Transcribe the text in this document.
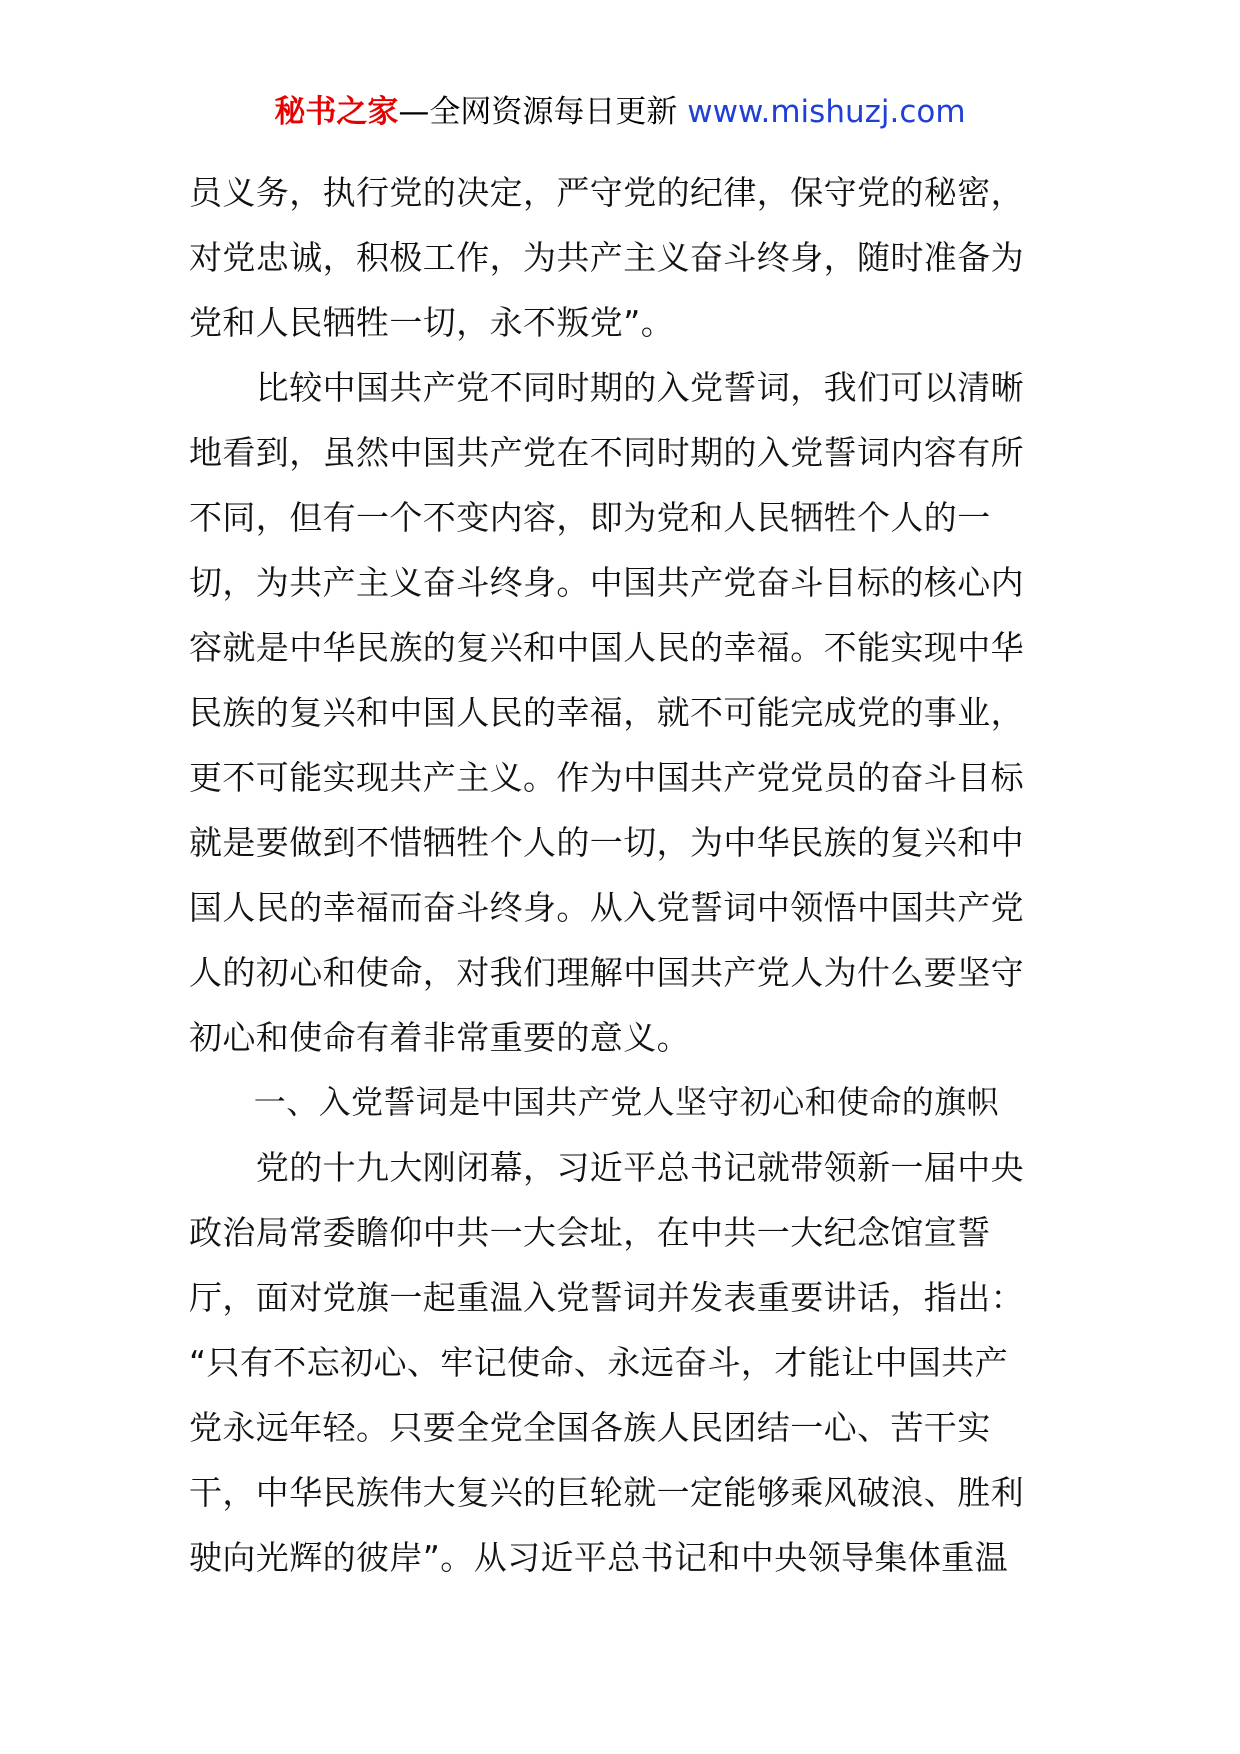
秘书之家—全网资源每日更新 www.mishuzj.com
员义务，执行党的决定，严守党的纪律，保守党的秘密，
对党忠诚，积极工作，为共产主义奋斗终身，随时准备为
党和人民牺牲一切，永不叛党”。
　　比较中国共产党不同时期的入党誓词，我们可以清晰
地看到，虽然中国共产党在不同时期的入党誓词内容有所
不同，但有一个不变内容，即为党和人民牺牲个人的一
切，为共产主义奋斗终身。中国共产党奋斗目标的核心内
容就是中华民族的复兴和中国人民的幸福。不能实现中华
民族的复兴和中国人民的幸福，就不可能完成党的事业，
更不可能实现共产主义。作为中国共产党党员的奋斗目标
就是要做到不惜牺牲个人的一切，为中华民族的复兴和中
国人民的幸福而奋斗终身。从入党誓词中领悟中国共产党
人的初心和使命，对我们理解中国共产党人为什么要坚守
初心和使命有着非常重要的意义。
　　一、入党誓词是中国共产党人坚守初心和使命的旗帜
　　党的十九大刚闭幕，习近平总书记就带领新一届中央
政治局常委瞻仰中共一大会址，在中共一大纪念馆宣誓
厅，面对党旗一起重温入党誓词并发表重要讲话，指出：
“只有不忘初心、牢记使命、永远奋斗，才能让中国共产
党永远年轻。只要全党全国各族人民团结一心、苦干实
干，中华民族伟大复兴的巨轮就一定能够乘风破浪、胜利
驶向光辉的彼岸”。从习近平总书记和中央领导集体重温
